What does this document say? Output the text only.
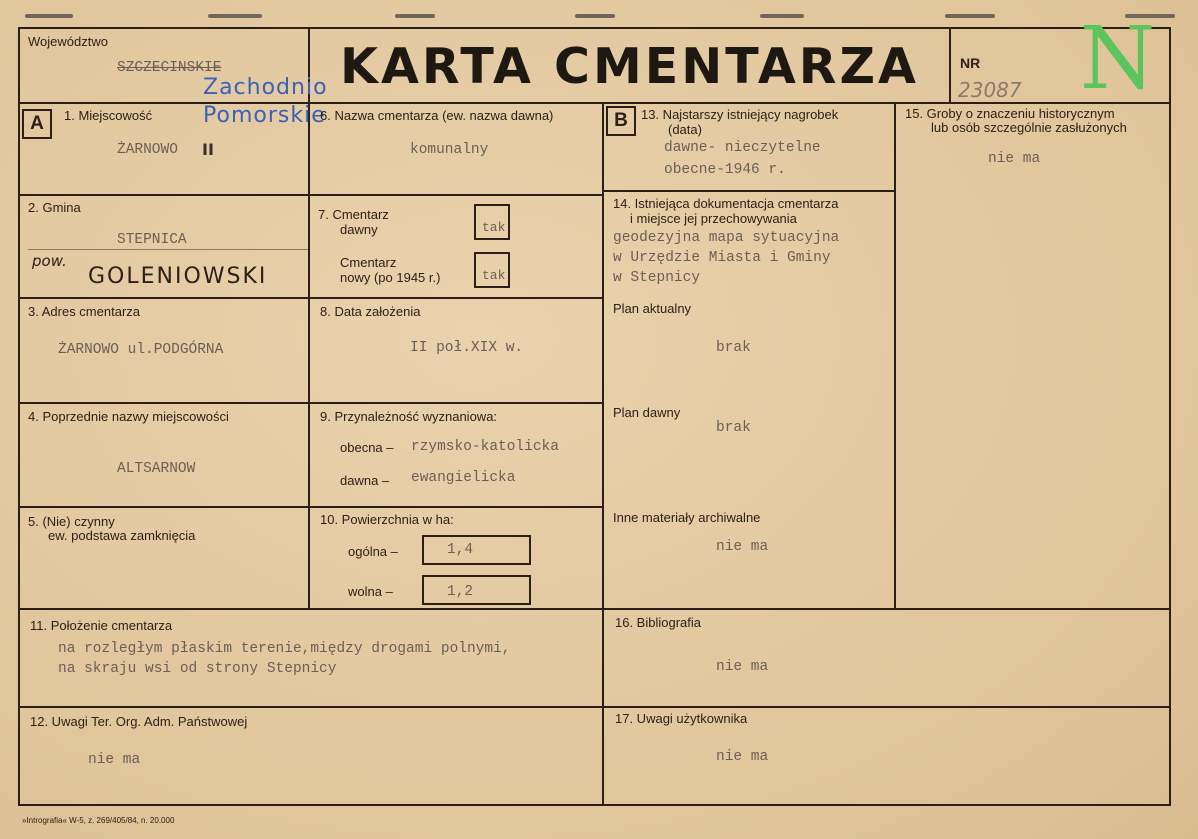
Województwo
SZCZECINSKIE
Zachodnio
Pomorskie
KARTA CMENTARZA	NR
23087 N
A	1. Miejscowość
ŻARNOWO II
2. Gmina
STEPNICA
pow.
GOLENIOWSKI
3. Adres cmentarza
ŻARNOWO ul.PODGÓRNA
4. Poprzednie nazwy miejscowości
ALTSARNOW
5. (Nie) czynny
ew. podstawa zamknięcia
6. Nazwa cmentarza (ew. nazwa dawna)
komunalny
7. Cmentarz
dawny	tak
Cmentarz
nowy (po 1945 r.)	tak
8. Data założenia
II poł.XIX w.
9. Przynależność wyznaniowa:
obecna – rzymsko-katolicka
dawna – ewangielicka
10. Powierzchnia w ha:
ogólna –	1,4
wolna –	1,2
B	13. Najstarszy istniejący nagrobek
(data)
dawne- nieczytelne
obecne-1946 r.
14. Istniejąca dokumentacja cmentarza
i miejsce jej przechowywania
geodezyjna mapa sytuacyjna
w Urzędzie Miasta i Gminy
w Stepnicy
Plan aktualny
brak
Plan dawny
brak
Inne materiały archiwalne
nie ma
15. Groby o znaczeniu historycznym
lub osób szczególnie zasłużonych
nie ma
11. Położenie cmentarza
na rozległym płaskim terenie,między drogami polnymi,
na skraju wsi od strony Stepnicy
16. Bibliografia
nie ma
12. Uwagi Ter. Org. Adm. Państwowej
nie ma
17. Uwagi użytkownika
nie ma
»Intrografia« W-5, z. 269/405/84, n. 20.000
